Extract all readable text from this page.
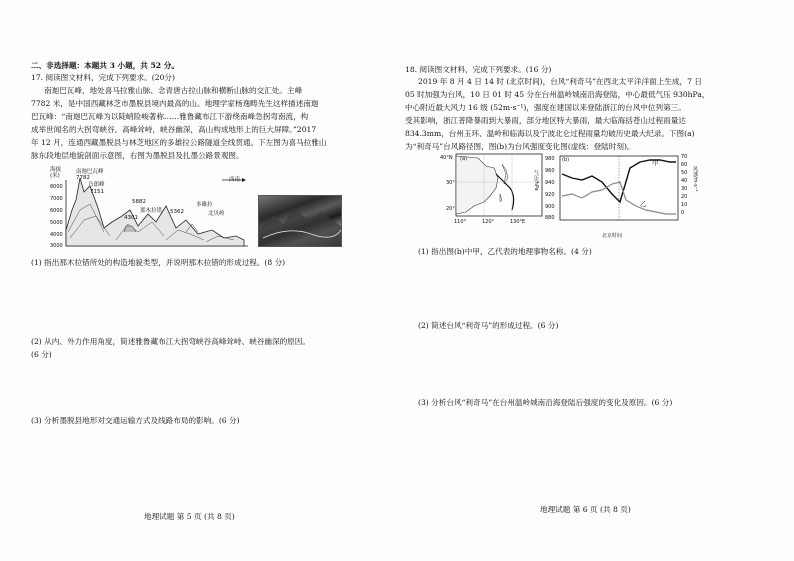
二、非选择题：本题共 3 小题，共 52 分。
17. 阅读图文材料，完成下列要求。(20分)
南迦巴瓦峰，地处喜马拉雅山脉、念青唐古拉山脉和横断山脉的交汇处。主峰
7782 米，是中国西藏林芝市墨脱县境内最高的山。地理学家杨逸畴先生这样描述南迦
巴瓦峰：“南迦巴瓦峰为以陡峭险峻著称……雅鲁藏布江下游绕南峰急拐弯南流，构
成举世闻名的大拐弯峡谷。高峰耸峙，峡谷幽深，高山构成地形上的巨大屏障。”2017
年 12 月，连通西藏墨脱县与林芝地区的多雄拉公路隧道全线贯通。下左图为喜马拉雅山
脉东段地层地貌剖面示意图，右图为墨脱县及扎墨公路景观图。
海拔
(米)
8000
7000
6000
5000
4000
3000
南迦巴瓦峰
7782
乃郎峰
7151
5882
那木拉错
4301
5362
多雄拉
北贝岭
西南
(1) 指出那木拉错所处的构造地貌类型，并说明那木拉错的形成过程。(8 分)
(2) 从内、外力作用角度，简述雅鲁藏布江大拐弯峡谷高峰耸峙、峡谷幽深的原因。
(6 分)
(3) 分析墨脱县地形对交通运输方式及线路布局的影响。(6 分)
地理试题 第 5 页 (共 8 页)
18. 阅读图文材料，完成下列要求。(16 分)
2019 年 8 月 4 日 14 时 (北京时间)，台风“利奇马”在西北太平洋洋面上生成，7 日
05 时加强为台风，10 日 01 时 45 分在台州温岭城南沿海登陆，中心最低气压 930hPa，
中心附近最大风力 16 级 (52m·s⁻¹)，强度在建国以来登陆浙江的台风中位列第三。
受其影响，浙江普降暴雨到大暴雨，部分地区特大暴雨，最大临海括苍山过程雨量达
834.3mm，台州玉环、温岭和临海以及宁波北仑过程雨量均破历史最大纪录。下图(a)
为“利奇马”台风路径图，图(b)为台风强度变化图(虚线：登陆时刻)。
(a)
40°N
30°
20°
110°	120°	130°E
(b)
980
960
940
920
900
880
70
60
50
40
30
20
10
0
气压/hPa	风速/m·s⁻¹
北京时间
甲
乙
(1) 指出图(b)中甲、乙代表的地理事物名称。(4 分)
(2) 简述台风“利奇马”的形成过程。(6 分)
(3) 分析台风“利奇马”在台州温岭城南沿海登陆后强度的变化及原因。(6 分)
地理试题 第 6 页 (共 8 页)
